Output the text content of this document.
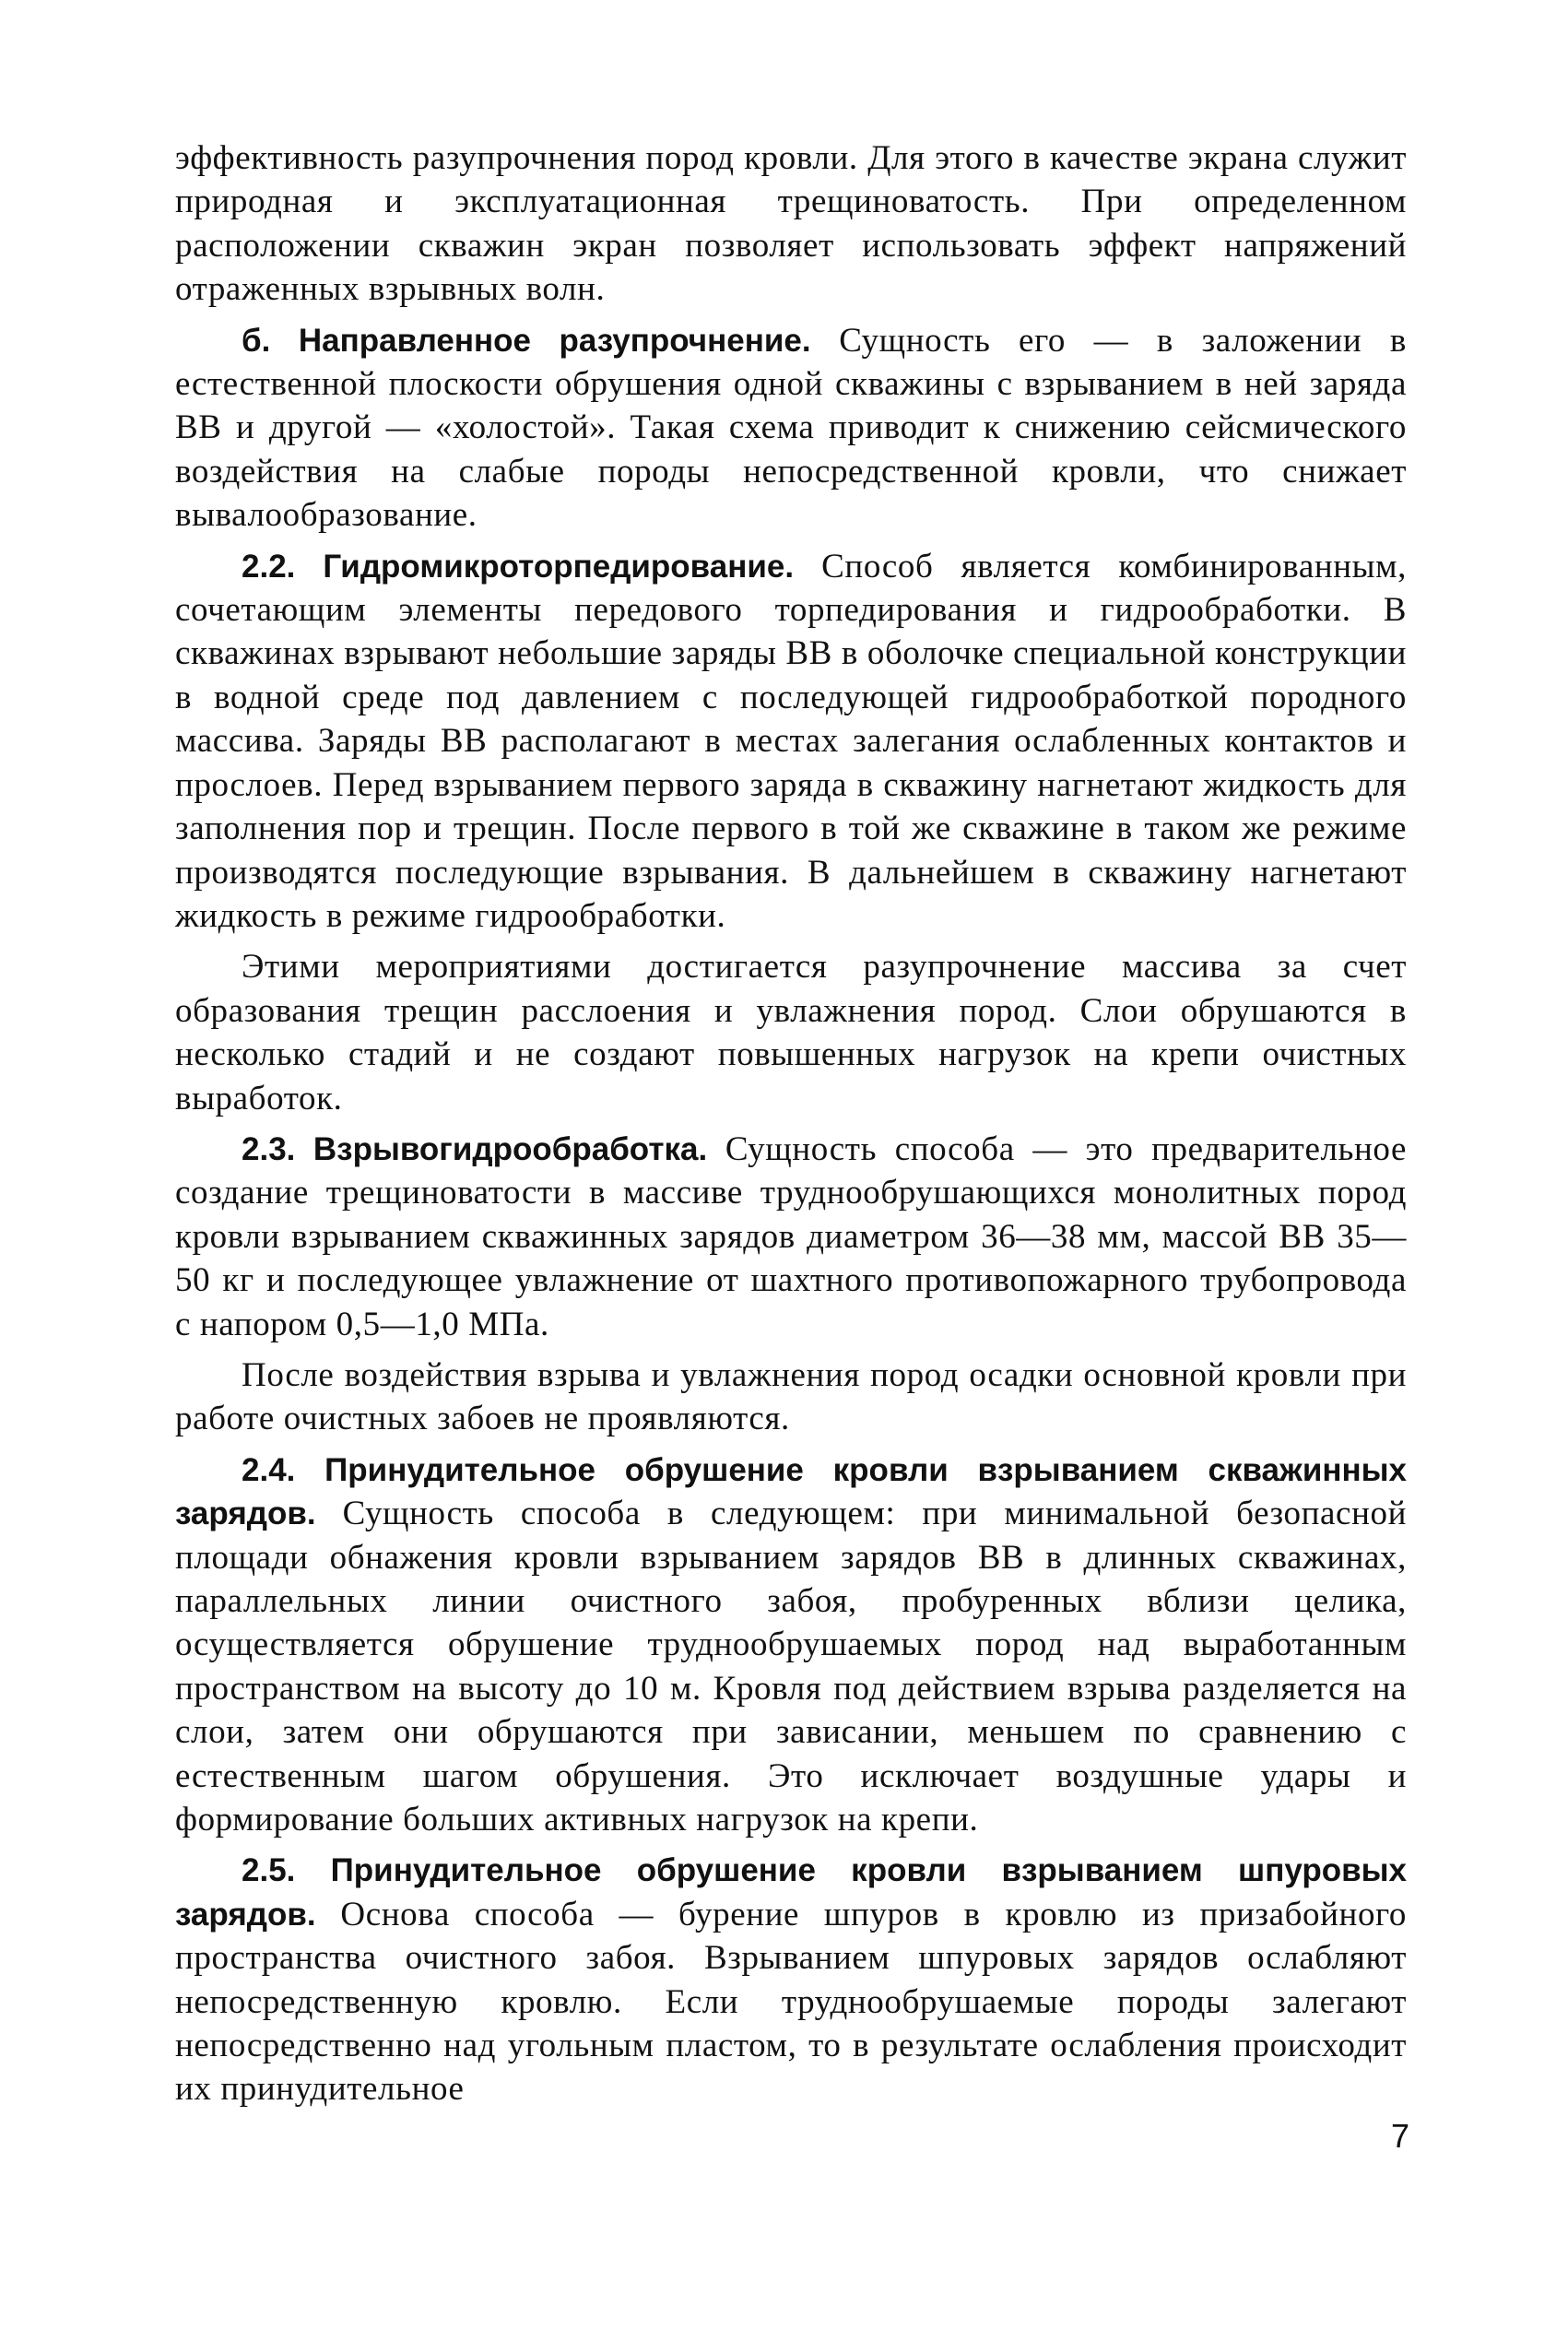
эффективность разупрочнения пород кровли. Для этого в качестве экрана служит природная и эксплуатационная трещиноватость. При определенном расположении скважин экран позволяет использовать эффект напряжений отраженных взрывных волн.

б. Направленное разупрочнение. Сущность его — в заложении в естественной плоскости обрушения одной скважины с взрыванием в ней заряда ВВ и другой — «холостой». Такая схема приводит к снижению сейсмического воздействия на слабые породы непосредственной кровли, что снижает вывалообразование.

2.2. Гидромикроторпедирование. Способ является комбинированным, сочетающим элементы передового торпедирования и гидрообработки. В скважинах взрывают небольшие заряды ВВ в оболочке специальной конструкции в водной среде под давлением с последующей гидрообработкой породного массива. Заряды ВВ располагают в местах залегания ослабленных контактов и прослоев. Перед взрыванием первого заряда в скважину нагнетают жидкость для заполнения пор и трещин. После первого в той же скважине в таком же режиме производятся последующие взрывания. В дальнейшем в скважину нагнетают жидкость в режиме гидрообработки.

Этими мероприятиями достигается разупрочнение массива за счет образования трещин расслоения и увлажнения пород. Слои обрушаются в несколько стадий и не создают повышенных нагрузок на крепи очистных выработок.

2.3. Взрывогидрообработка. Сущность способа — это предварительное создание трещиноватости в массиве труднообрушающихся монолитных пород кровли взрыванием скважинных зарядов диаметром 36—38 мм, массой ВВ 35—50 кг и последующее увлажнение от шахтного противопожарного трубопровода с напором 0,5—1,0 МПа.

После воздействия взрыва и увлажнения пород осадки основной кровли при работе очистных забоев не проявляются.

2.4. Принудительное обрушение кровли взрыванием скважинных зарядов. Сущность способа в следующем: при минимальной безопасной площади обнажения кровли взрыванием зарядов ВВ в длинных скважинах, параллельных линии очистного забоя, пробуренных вблизи целика, осуществляется обрушение труднообрушаемых пород над выработанным пространством на высоту до 10 м. Кровля под действием взрыва разделяется на слои, затем они обрушаются при зависании, меньшем по сравнению с естественным шагом обрушения. Это исключает воздушные удары и формирование больших активных нагрузок на крепи.

2.5. Принудительное обрушение кровли взрыванием шпуровых зарядов. Основа способа — бурение шпуров в кровлю из призабойного пространства очистного забоя. Взрыванием шпуровых зарядов ослабляют непосредственную кровлю. Если труднообрушаемые породы залегают непосредственно над угольным пластом, то в результате ослабления происходит их принудительное

7
